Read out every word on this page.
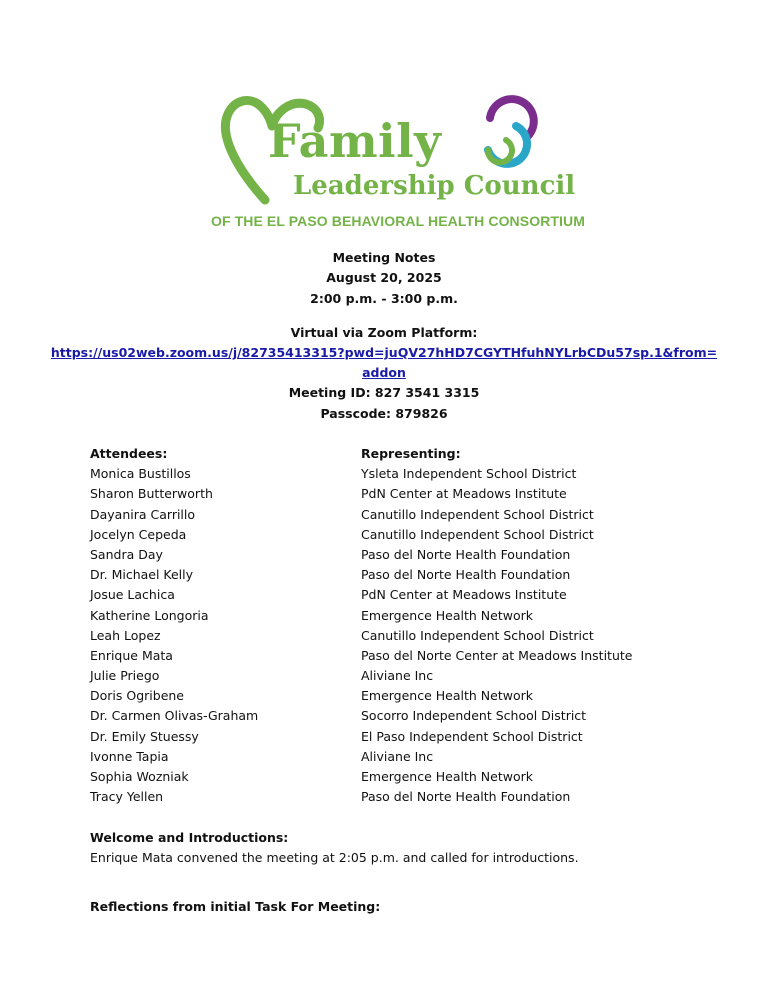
Family
Leadership Council
OF THE EL PASO BEHAVIORAL HEALTH CONSORTIUM
Meeting Notes
August 20, 2025
2:00 p.m. - 3:00 p.m.
Virtual via Zoom Platform:
https://us02web.zoom.us/j/82735413315?pwd=juQV27hHD7CGYTHfuhNYLrbCDu57sp.1&from=
addon
Meeting ID: 827 3541 3315
Passcode: 879826
Attendees:	Representing:
Monica Bustillos	Ysleta Independent School District
Sharon Butterworth	PdN Center at Meadows Institute
Dayanira Carrillo	Canutillo Independent School District
Jocelyn Cepeda	Canutillo Independent School District
Sandra Day	Paso del Norte Health Foundation
Dr. Michael Kelly	Paso del Norte Health Foundation
Josue Lachica	PdN Center at Meadows Institute
Katherine Longoria	Emergence Health Network
Leah Lopez	Canutillo Independent School District
Enrique Mata	Paso del Norte Center at Meadows Institute
Julie Priego	Aliviane Inc
Doris Ogribene	Emergence Health Network
Dr. Carmen Olivas-Graham	Socorro Independent School District
Dr. Emily Stuessy	El Paso Independent School District
Ivonne Tapia	Aliviane Inc
Sophia Wozniak	Emergence Health Network
Tracy Yellen	Paso del Norte Health Foundation
Welcome and Introductions:
Enrique Mata convened the meeting at 2:05 p.m. and called for introductions.
Reflections from initial Task For Meeting:
